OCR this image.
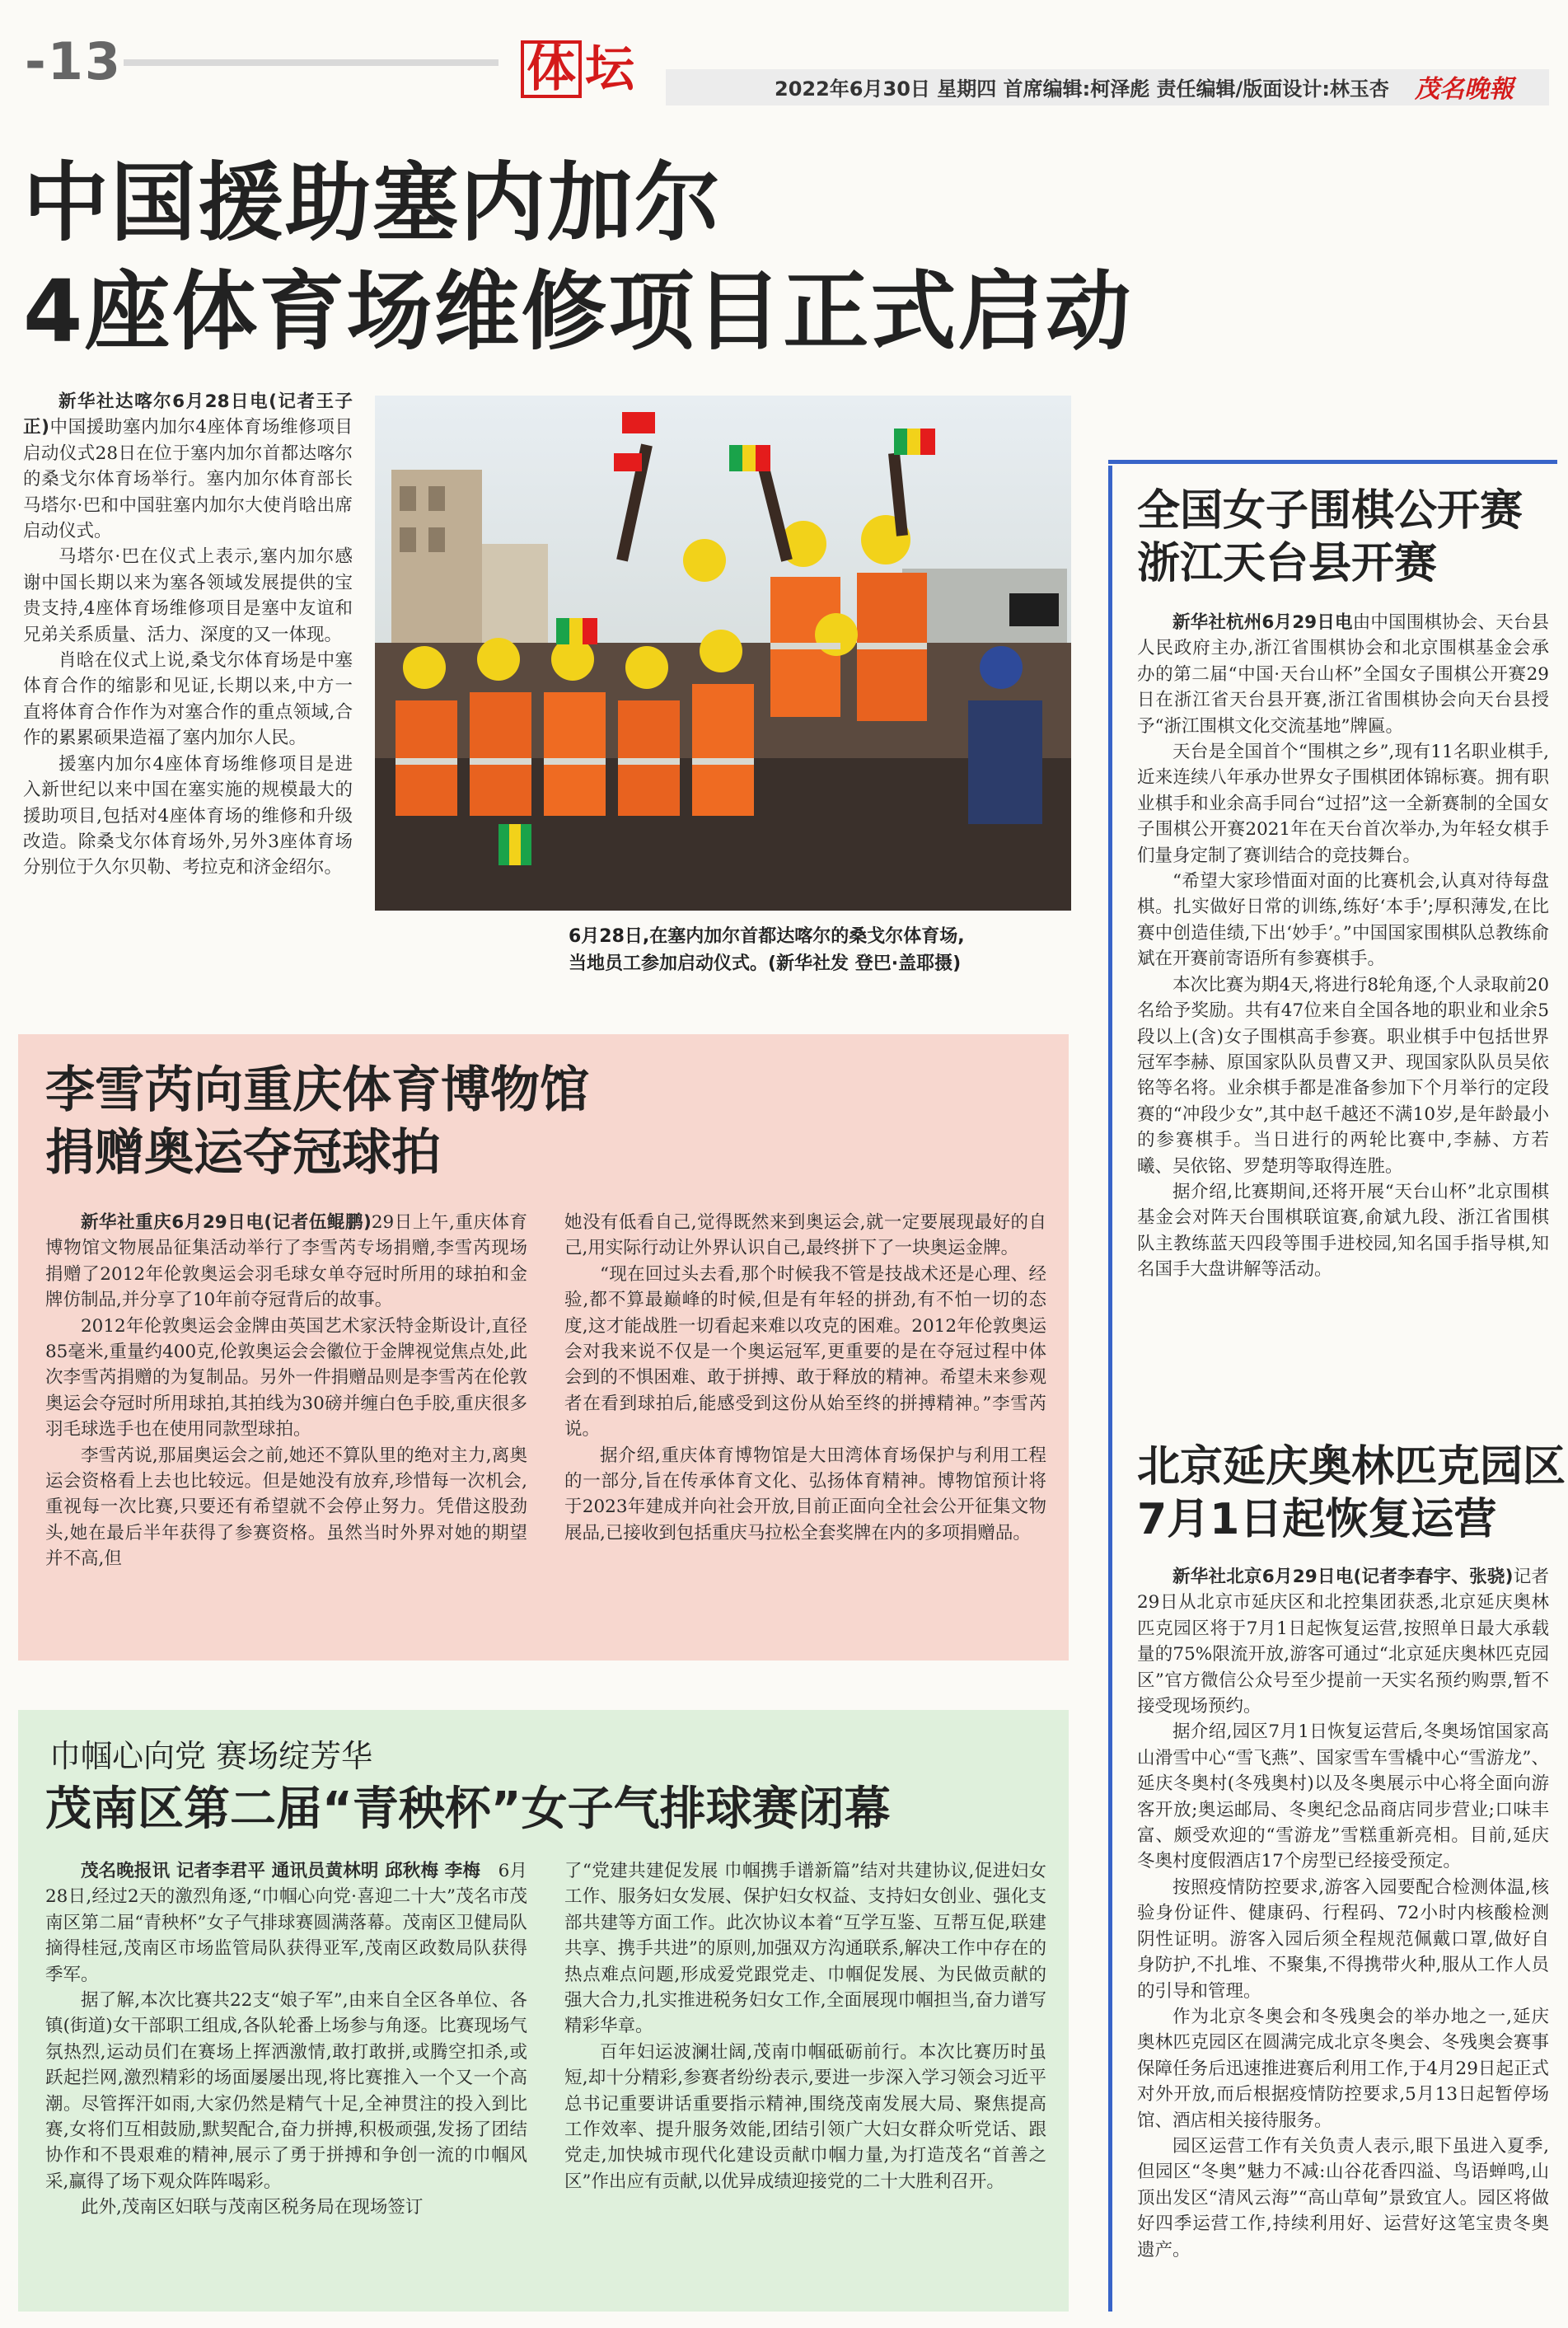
-13	体 坛	2022年6月30日 星期四 首席编辑:柯泽彪 责任编辑/版面设计:林玉杏 茂名晚報
中国援助塞内加尔
4座体育场维修项目正式启动

新华社达喀尔6月28日电(记者王子正)中国援助塞内加尔4座体育场维修项目启动仪式28日在位于塞内加尔首都达喀尔的桑戈尔体育场举行。塞内加尔体育部长马塔尔·巴和中国驻塞内加尔大使肖晗出席启动仪式。

马塔尔·巴在仪式上表示,塞内加尔感谢中国长期以来为塞各领域发展提供的宝贵支持,4座体育场维修项目是塞中友谊和兄弟关系质量、活力、深度的又一体现。

肖晗在仪式上说,桑戈尔体育场是中塞体育合作的缩影和见证,长期以来,中方一直将体育合作作为对塞合作的重点领域,合作的累累硕果造福了塞内加尔人民。

援塞内加尔4座体育场维修项目是进入新世纪以来中国在塞实施的规模最大的援助项目,包括对4座体育场的维修和升级改造。除桑戈尔体育场外,另外3座体育场分别位于久尔贝勒、考拉克和济金绍尔。

6月28日,在塞内加尔首都达喀尔的桑戈尔体育场,
当地员工参加启动仪式。(新华社发 登巴·盖耶摄)
全国女子围棋公开赛
浙江天台县开赛

新华社杭州6月29日电由中国围棋协会、天台县人民政府主办,浙江省围棋协会和北京围棋基金会承办的第二届“中国·天台山杯”全国女子围棋公开赛29日在浙江省天台县开赛,浙江省围棋协会向天台县授予“浙江围棋文化交流基地”牌匾。

天台是全国首个“围棋之乡”,现有11名职业棋手,近来连续八年承办世界女子围棋团体锦标赛。拥有职业棋手和业余高手同台“过招”这一全新赛制的全国女子围棋公开赛2021年在天台首次举办,为年轻女棋手们量身定制了赛训结合的竞技舞台。

“希望大家珍惜面对面的比赛机会,认真对待每盘棋。扎实做好日常的训练,练好‘本手’;厚积薄发,在比赛中创造佳绩,下出‘妙手’。”中国国家围棋队总教练俞斌在开赛前寄语所有参赛棋手。

本次比赛为期4天,将进行8轮角逐,个人录取前20名给予奖励。共有47位来自全国各地的职业和业余5段以上(含)女子围棋高手参赛。职业棋手中包括世界冠军李赫、原国家队队员曹又尹、现国家队队员吴依铭等名将。业余棋手都是准备参加下个月举行的定段赛的“冲段少女”,其中赵千越还不满10岁,是年龄最小的参赛棋手。当日进行的两轮比赛中,李赫、方若曦、吴依铭、罗楚玥等取得连胜。

据介绍,比赛期间,还将开展“天台山杯”北京围棋基金会对阵天台围棋联谊赛,俞斌九段、浙江省围棋队主教练蓝天四段等围手进校园,知名国手指导棋,知名国手大盘讲解等活动。

北京延庆奥林匹克园区
7月1日起恢复运营

新华社北京6月29日电(记者李春宇、张骁)记者29日从北京市延庆区和北控集团获悉,北京延庆奥林匹克园区将于7月1日起恢复运营,按照单日最大承载量的75%限流开放,游客可通过“北京延庆奥林匹克园区”官方微信公众号至少提前一天实名预约购票,暂不接受现场预约。

据介绍,园区7月1日恢复运营后,冬奥场馆国家高山滑雪中心“雪飞燕”、国家雪车雪橇中心“雪游龙”、延庆冬奥村(冬残奥村)以及冬奥展示中心将全面向游客开放;奥运邮局、冬奥纪念品商店同步营业;口味丰富、颇受欢迎的“雪游龙”雪糕重新亮相。目前,延庆冬奥村度假酒店17个房型已经接受预定。

按照疫情防控要求,游客入园要配合检测体温,核验身份证件、健康码、行程码、72小时内核酸检测阴性证明。游客入园后须全程规范佩戴口罩,做好自身防护,不扎堆、不聚集,不得携带火种,服从工作人员的引导和管理。

作为北京冬奥会和冬残奥会的举办地之一,延庆奥林匹克园区在圆满完成北京冬奥会、冬残奥会赛事保障任务后迅速推进赛后利用工作,于4月29日起正式对外开放,而后根据疫情防控要求,5月13日起暂停场馆、酒店相关接待服务。

园区运营工作有关负责人表示,眼下虽进入夏季,但园区“冬奥”魅力不减:山谷花香四溢、鸟语蝉鸣,山顶出发区“清风云海”“高山草甸”景致宜人。园区将做好四季运营工作,持续利用好、运营好这笔宝贵冬奥遗产。

李雪芮向重庆体育博物馆
捐赠奥运夺冠球拍

新华社重庆6月29日电(记者伍鲲鹏)29日上午,重庆体育博物馆文物展品征集活动举行了李雪芮专场捐赠,李雪芮现场捐赠了2012年伦敦奥运会羽毛球女单夺冠时所用的球拍和金牌仿制品,并分享了10年前夺冠背后的故事。

2012年伦敦奥运会金牌由英国艺术家沃特金斯设计,直径85毫米,重量约400克,伦敦奥运会会徽位于金牌视觉焦点处,此次李雪芮捐赠的为复制品。另外一件捐赠品则是李雪芮在伦敦奥运会夺冠时所用球拍,其拍线为30磅并缠白色手胶,重庆很多羽毛球选手也在使用同款型球拍。

李雪芮说,那届奥运会之前,她还不算队里的绝对主力,离奥运会资格看上去也比较远。但是她没有放弃,珍惜每一次机会,重视每一次比赛,只要还有希望就不会停止努力。凭借这股劲头,她在最后半年获得了参赛资格。虽然当时外界对她的期望并不高,但

她没有低看自己,觉得既然来到奥运会,就一定要展现最好的自己,用实际行动让外界认识自己,最终拼下了一块奥运金牌。

“现在回过头去看,那个时候我不管是技战术还是心理、经验,都不算最巅峰的时候,但是有年轻的拼劲,有不怕一切的态度,这才能战胜一切看起来难以攻克的困难。2012年伦敦奥运会对我来说不仅是一个奥运冠军,更重要的是在夺冠过程中体会到的不惧困难、敢于拼搏、敢于释放的精神。希望未来参观者在看到球拍后,能感受到这份从始至终的拼搏精神。”李雪芮说。

据介绍,重庆体育博物馆是大田湾体育场保护与利用工程的一部分,旨在传承体育文化、弘扬体育精神。博物馆预计将于2023年建成并向社会开放,目前正面向全社会公开征集文物展品,已接收到包括重庆马拉松全套奖牌在内的多项捐赠品。

巾帼心向党 赛场绽芳华
茂南区第二届“青秧杯”女子气排球赛闭幕

茂名晚报讯 记者李君平 通讯员黄林明 邱秋梅 李梅　 6月28日,经过2天的激烈角逐,“巾帼心向党·喜迎二十大”茂名市茂南区第二届“青秧杯”女子气排球赛圆满落幕。茂南区卫健局队摘得桂冠,茂南区市场监管局队获得亚军,茂南区政数局队获得季军。

据了解,本次比赛共22支“娘子军”,由来自全区各单位、各镇(街道)女干部职工组成,各队轮番上场参与角逐。比赛现场气氛热烈,运动员们在赛场上挥洒激情,敢打敢拼,或腾空扣杀,或跃起拦网,激烈精彩的场面屡屡出现,将比赛推入一个又一个高潮。尽管挥汗如雨,大家仍然是精气十足,全神贯注的投入到比赛,女将们互相鼓励,默契配合,奋力拼搏,积极顽强,发扬了团结协作和不畏艰难的精神,展示了勇于拼搏和争创一流的巾帼风采,赢得了场下观众阵阵喝彩。

此外,茂南区妇联与茂南区税务局在现场签订

了“党建共建促发展 巾帼携手谱新篇”结对共建协议,促进妇女工作、服务妇女发展、保护妇女权益、支持妇女创业、强化支部共建等方面工作。此次协议本着“互学互鉴、互帮互促,联建共享、携手共进”的原则,加强双方沟通联系,解决工作中存在的热点难点问题,形成爱党跟党走、巾帼促发展、为民做贡献的强大合力,扎实推进税务妇女工作,全面展现巾帼担当,奋力谱写精彩华章。

百年妇运波澜壮阔,茂南巾帼砥砺前行。本次比赛历时虽短,却十分精彩,参赛者纷纷表示,要进一步深入学习领会习近平总书记重要讲话重要指示精神,围绕茂南发展大局、聚焦提高工作效率、提升服务效能,团结引领广大妇女群众听党话、跟党走,加快城市现代化建设贡献巾帼力量,为打造茂名“首善之区”作出应有贡献,以优异成绩迎接党的二十大胜利召开。
